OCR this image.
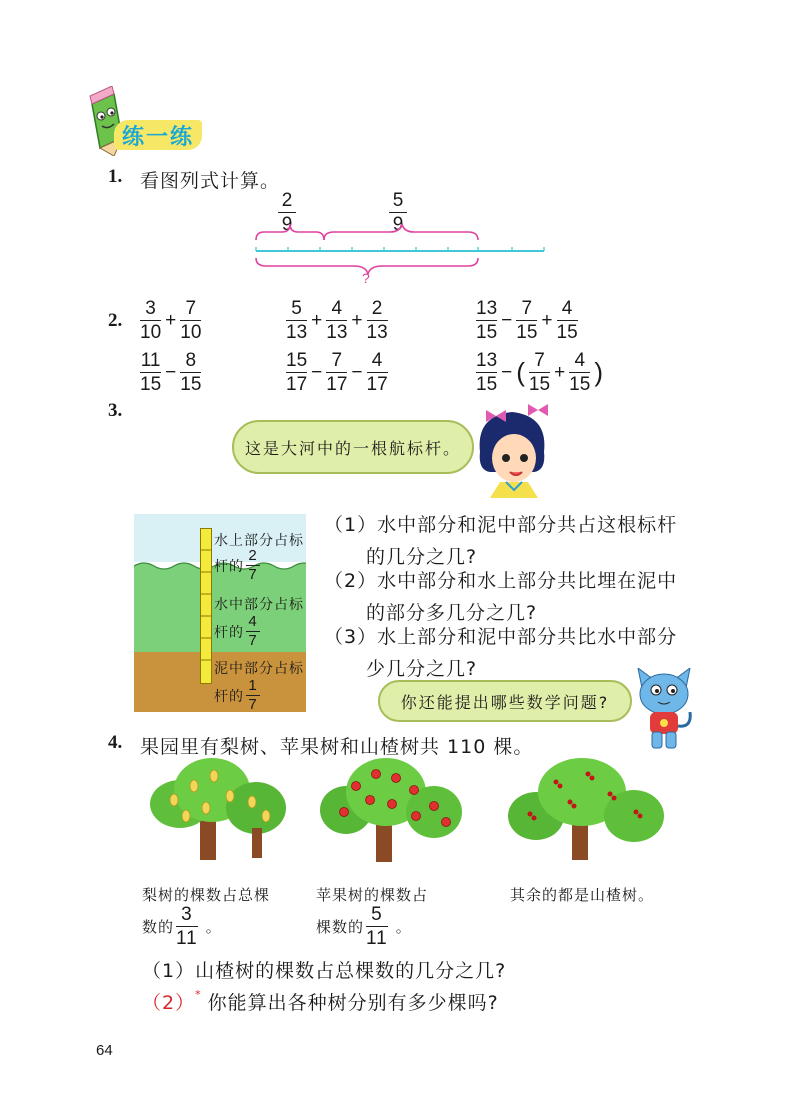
练一练
1. 看图列式计算。
2
9
5
9
?
2. $\frac{3}{10} + \frac{7}{10}$	$\frac{5}{13} + \frac{4}{13} + \frac{2}{13}$	$\frac{13}{15} - \frac{7}{15} + \frac{4}{15}$
$\frac{11}{15} - \frac{8}{15}$	$\frac{15}{17} - \frac{7}{17} - \frac{4}{17}$	$\frac{13}{15}$ − ( $\frac{7}{15} + \frac{4}{15}$ )
3.
这是大河中的一根航标杆。
水上部分占标
杆的 $\frac{2}{7}$
水中部分占标
杆的 $\frac{4}{7}$
泥中部分占标
杆的 $\frac{1}{7}$
（1） 水中部分和泥中部分共占这根标杆
的几分之几?
（2） 水中部分和水上部分共比埋在泥中
的部分多几分之几?
（3） 水上部分和泥中部分共比水中部分
少几分之几?
你还能提出哪些数学问题?
4. 果园里有梨树、苹果树和山楂树共 110 棵。
梨树的棵数占总棵
数的 $\frac{3}{11}$ 。
苹果树的棵数占
棵数的 $\frac{5}{11}$ 。
其余的都是山楂树。
（1） 山楂树的棵数占总棵数的几分之几?
（2） * 你能算出各种树分别有多少棵吗?
64
